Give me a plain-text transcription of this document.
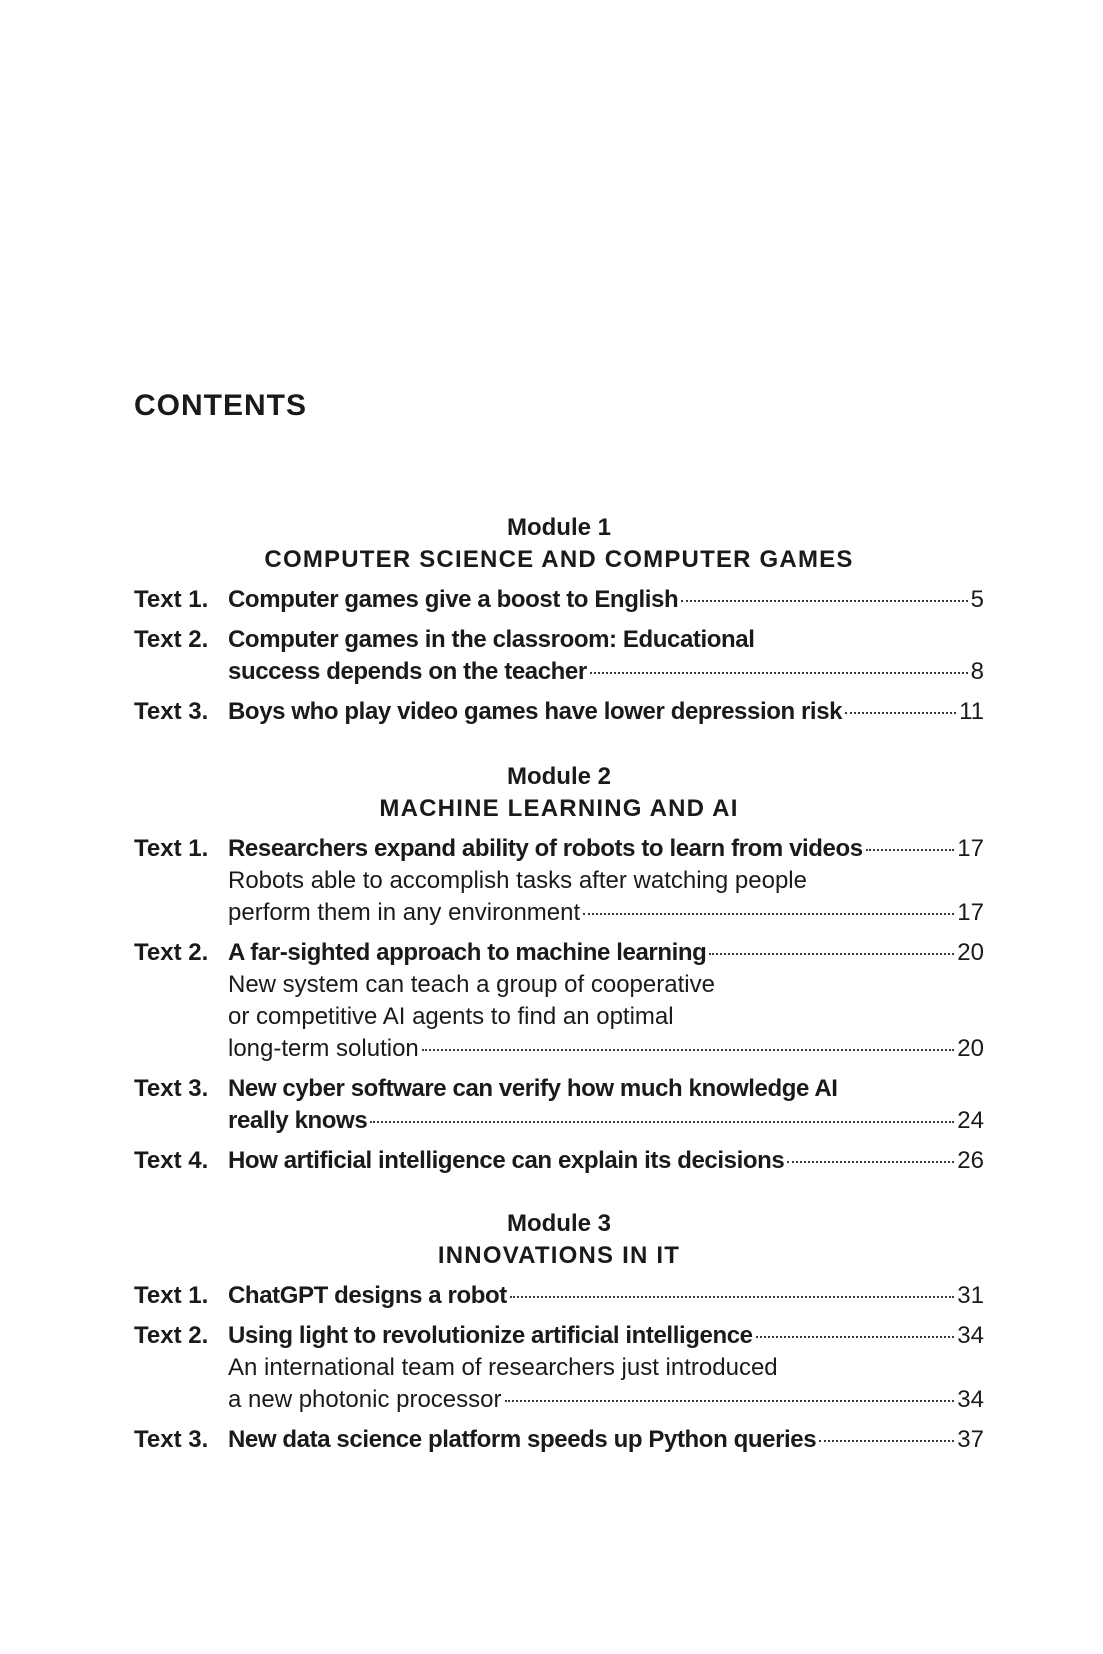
CONTENTS
Module 1
COMPUTER SCIENCE AND COMPUTER GAMES
Text 1. Computer games give a boost to English	5
Text 2. Computer games in the classroom: Educational
success depends on the teacher	8
Text 3. Boys who play video games have lower depression risk	11
Module 2
MACHINE LEARNING AND AI
Text 1. Researchers expand ability of robots to learn from videos	17
Robots able to accomplish tasks after watching people
perform them in any environment	17
Text 2. A far-sighted approach to machine learning	20
New system can teach a group of cooperative
or competitive AI agents to find an optimal
long-term solution	20
Text 3. New cyber software can verify how much knowledge AI
really knows	24
Text 4. How artificial intelligence can explain its decisions	26
Module 3
INNOVATIONS IN IT
Text 1. ChatGPT designs a robot	31
Text 2. Using light to revolutionize artificial intelligence	34
An international team of researchers just introduced
a new photonic processor	34
Text 3. New data science platform speeds up Python queries	37
